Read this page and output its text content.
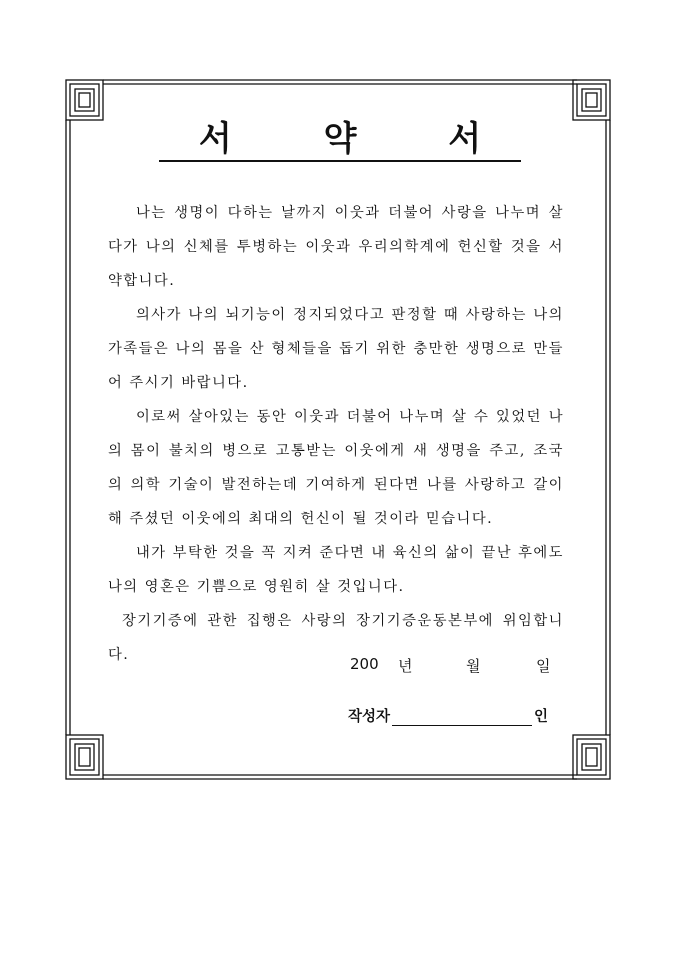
서 약 서

나는 생명이 다하는 날까지 이웃과 더불어 사랑을 나누며 살다가 나의 신체를 투병하는 이웃과 우리의학계에 헌신할 것을 서약합니다.

의사가 나의 뇌기능이 정지되었다고 판정할 때 사랑하는 나의 가족들은 나의 몸을 산 형체들을 돕기 위한 충만한 생명으로 만들어 주시기 바랍니다.

이로써 살아있는 동안 이웃과 더불어 나누며 살 수 있었던 나의 몸이 불치의 병으로 고통받는 이웃에게 새 생명을 주고, 조국의 의학 기술이 발전하는데 기여하게 된다면 나를 사랑하고 갈이해 주셨던 이웃에의 최대의 헌신이 될 것이라 믿습니다.

내가 부탁한 것을 꼭 지켜 준다면 내 육신의 삶이 끝난 후에도 나의 영혼은 기쁨으로 영원히 살 것입니다.

장기기증에 관한 집행은 사랑의 장기기증운동본부에 위임합니다.	200 년	월	일
작성자	인
